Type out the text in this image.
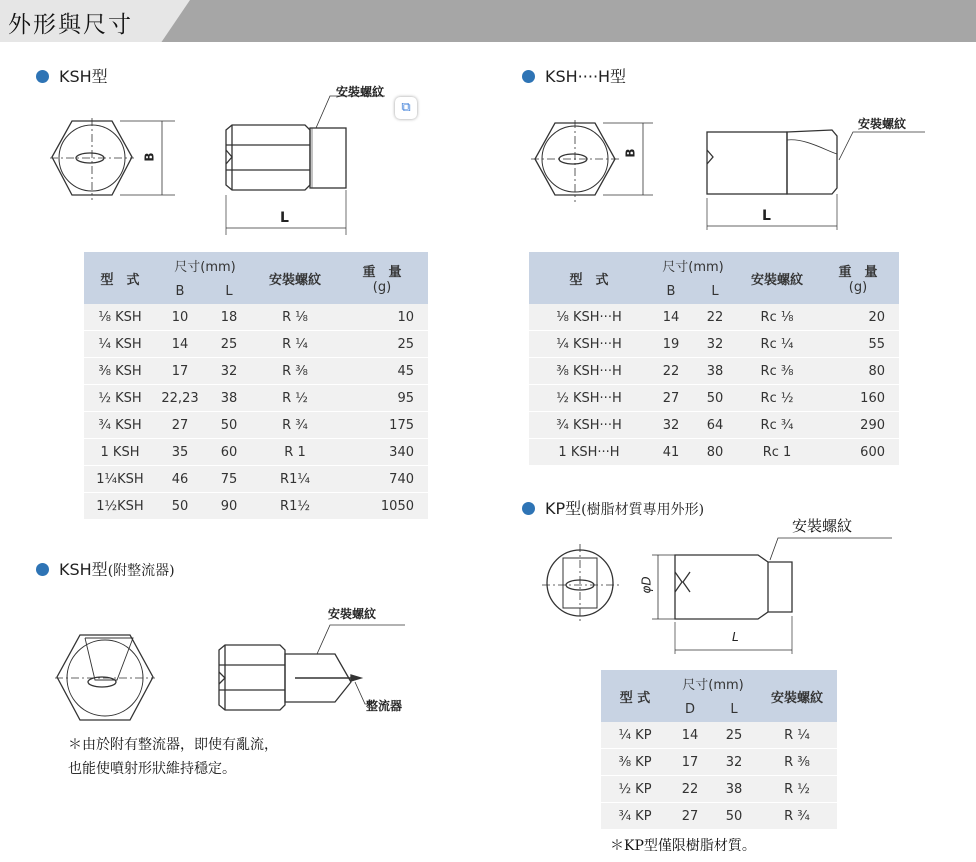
外形與尺寸
KSH型	KSH····H型
KSH型(附整流器)
KP型(樹脂材質專用外形)
B
L
安裝螺紋
⧉
型　式	尺寸(mm)		安裝螺紋	重　量
(g)
	B	L		
⅛ KSH	10	18	R ⅛	10
¼ KSH	14	25	R ¼	25
⅜ KSH	17	32	R ⅜	45
½ KSH	22,23	38	R ½	95
¾ KSH	27	50	R ¾	175
1 KSH	35	60	R 1	340
1¼KSH	46	75	R1¼	740
1½KSH	50	90	R1½	1050
B
L
安裝螺紋
型　式	尺寸(mm)		安裝螺紋	重　量
(g)
	B	L		
⅛ KSH···H	14	22	Rc ⅛	20
¼ KSH···H	19	32	Rc ¼	55
⅜ KSH···H	22	38	Rc ⅜	80
½ KSH···H	27	50	Rc ½	160
¾ KSH···H	32	64	Rc ¾	290
1 KSH···H	41	80	Rc 1	600
安裝螺紋
整流器
＊由於附有整流器，即使有亂流，
也能使噴射形狀維持穩定。
φD
L
安裝螺紋
型 式	尺寸(mm)		安裝螺紋
	D	L	
¼ KP	14	25	R ¼
⅜ KP	17	32	R ⅜
½ KP	22	38	R ½
¾ KP	27	50	R ¾
＊KP型僅限樹脂材質。
